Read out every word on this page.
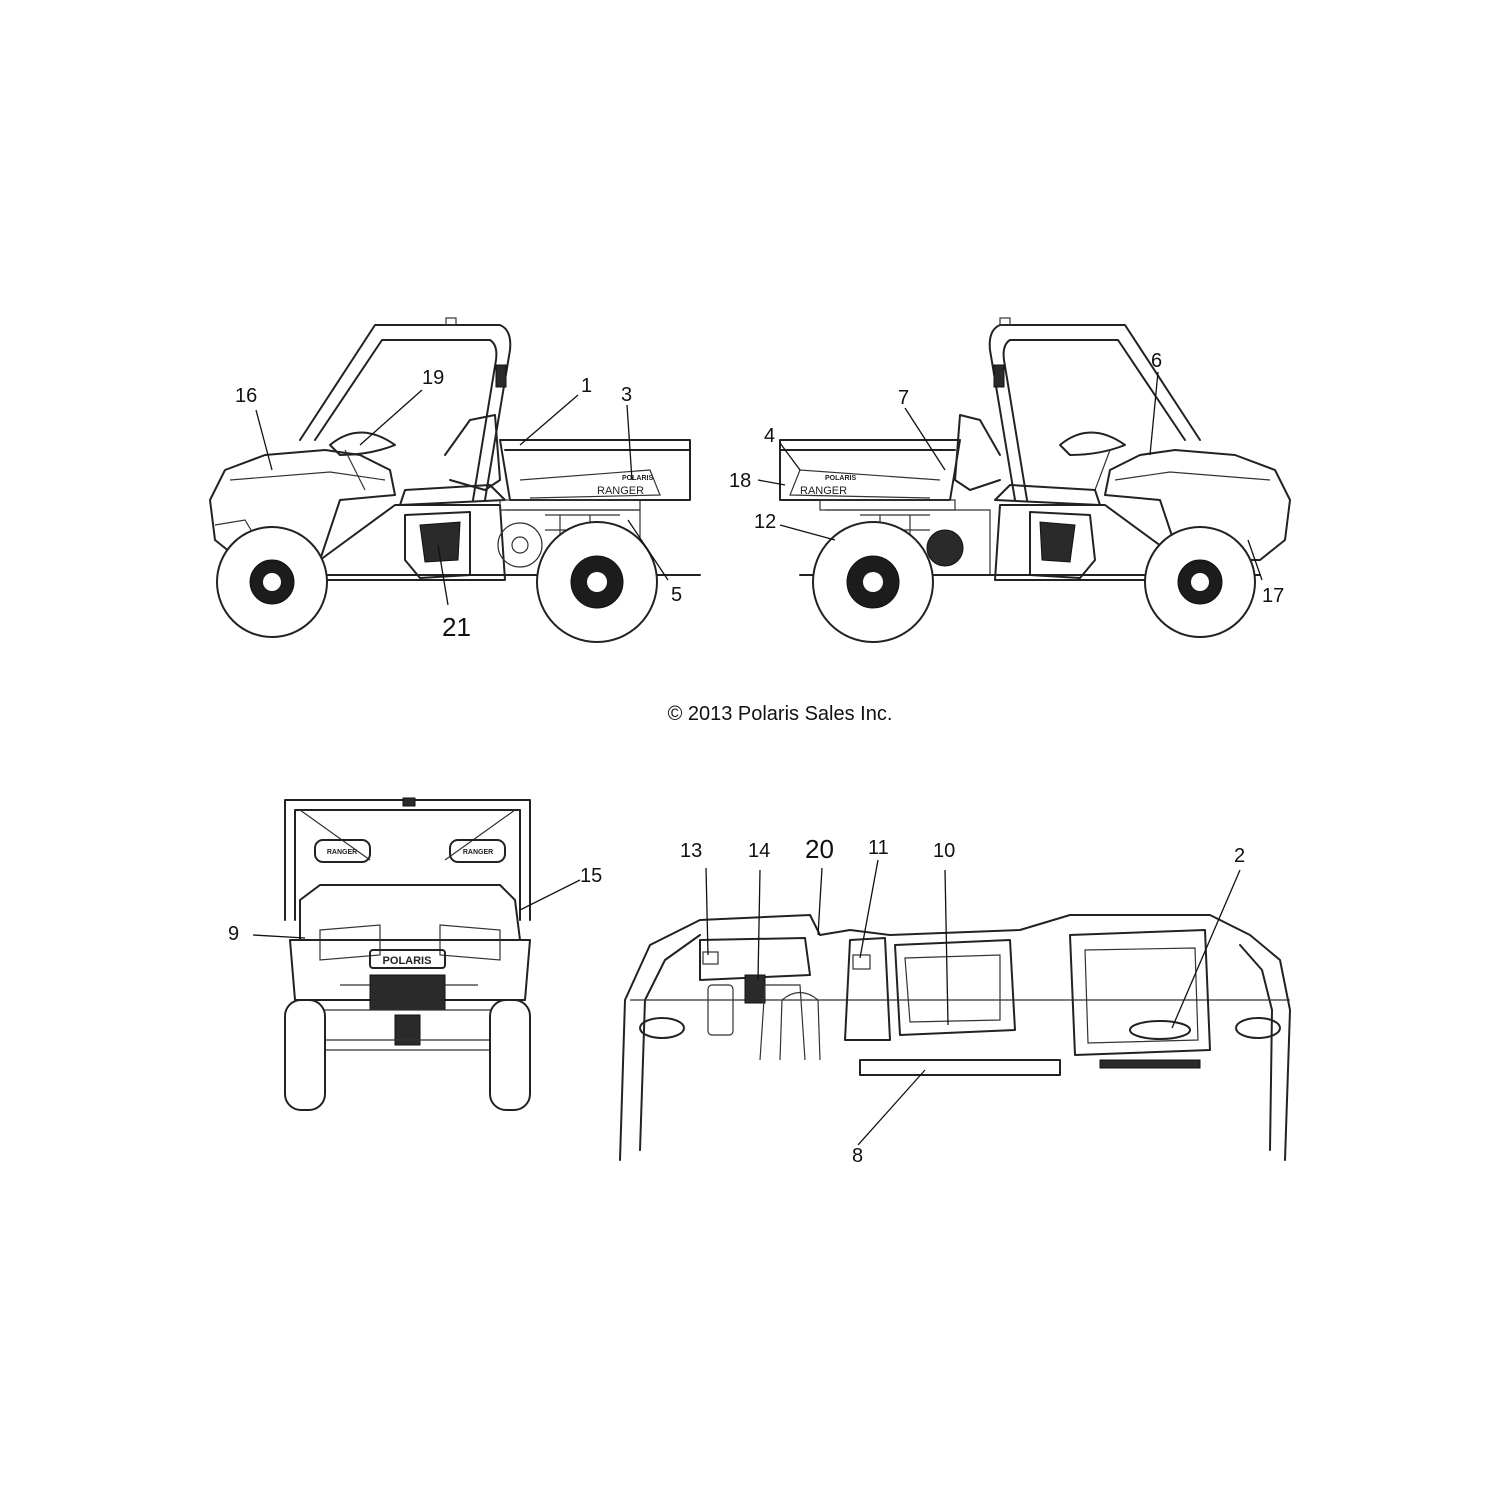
POLARIS
RANGER
POLARIS
RANGER
© 2013 Polaris Sales Inc.
RANGER	RANGER
POLARIS
1
2
3
4
5
6
7
8
9
10
11
12
13 14
15
16
17
18
19
20
21
